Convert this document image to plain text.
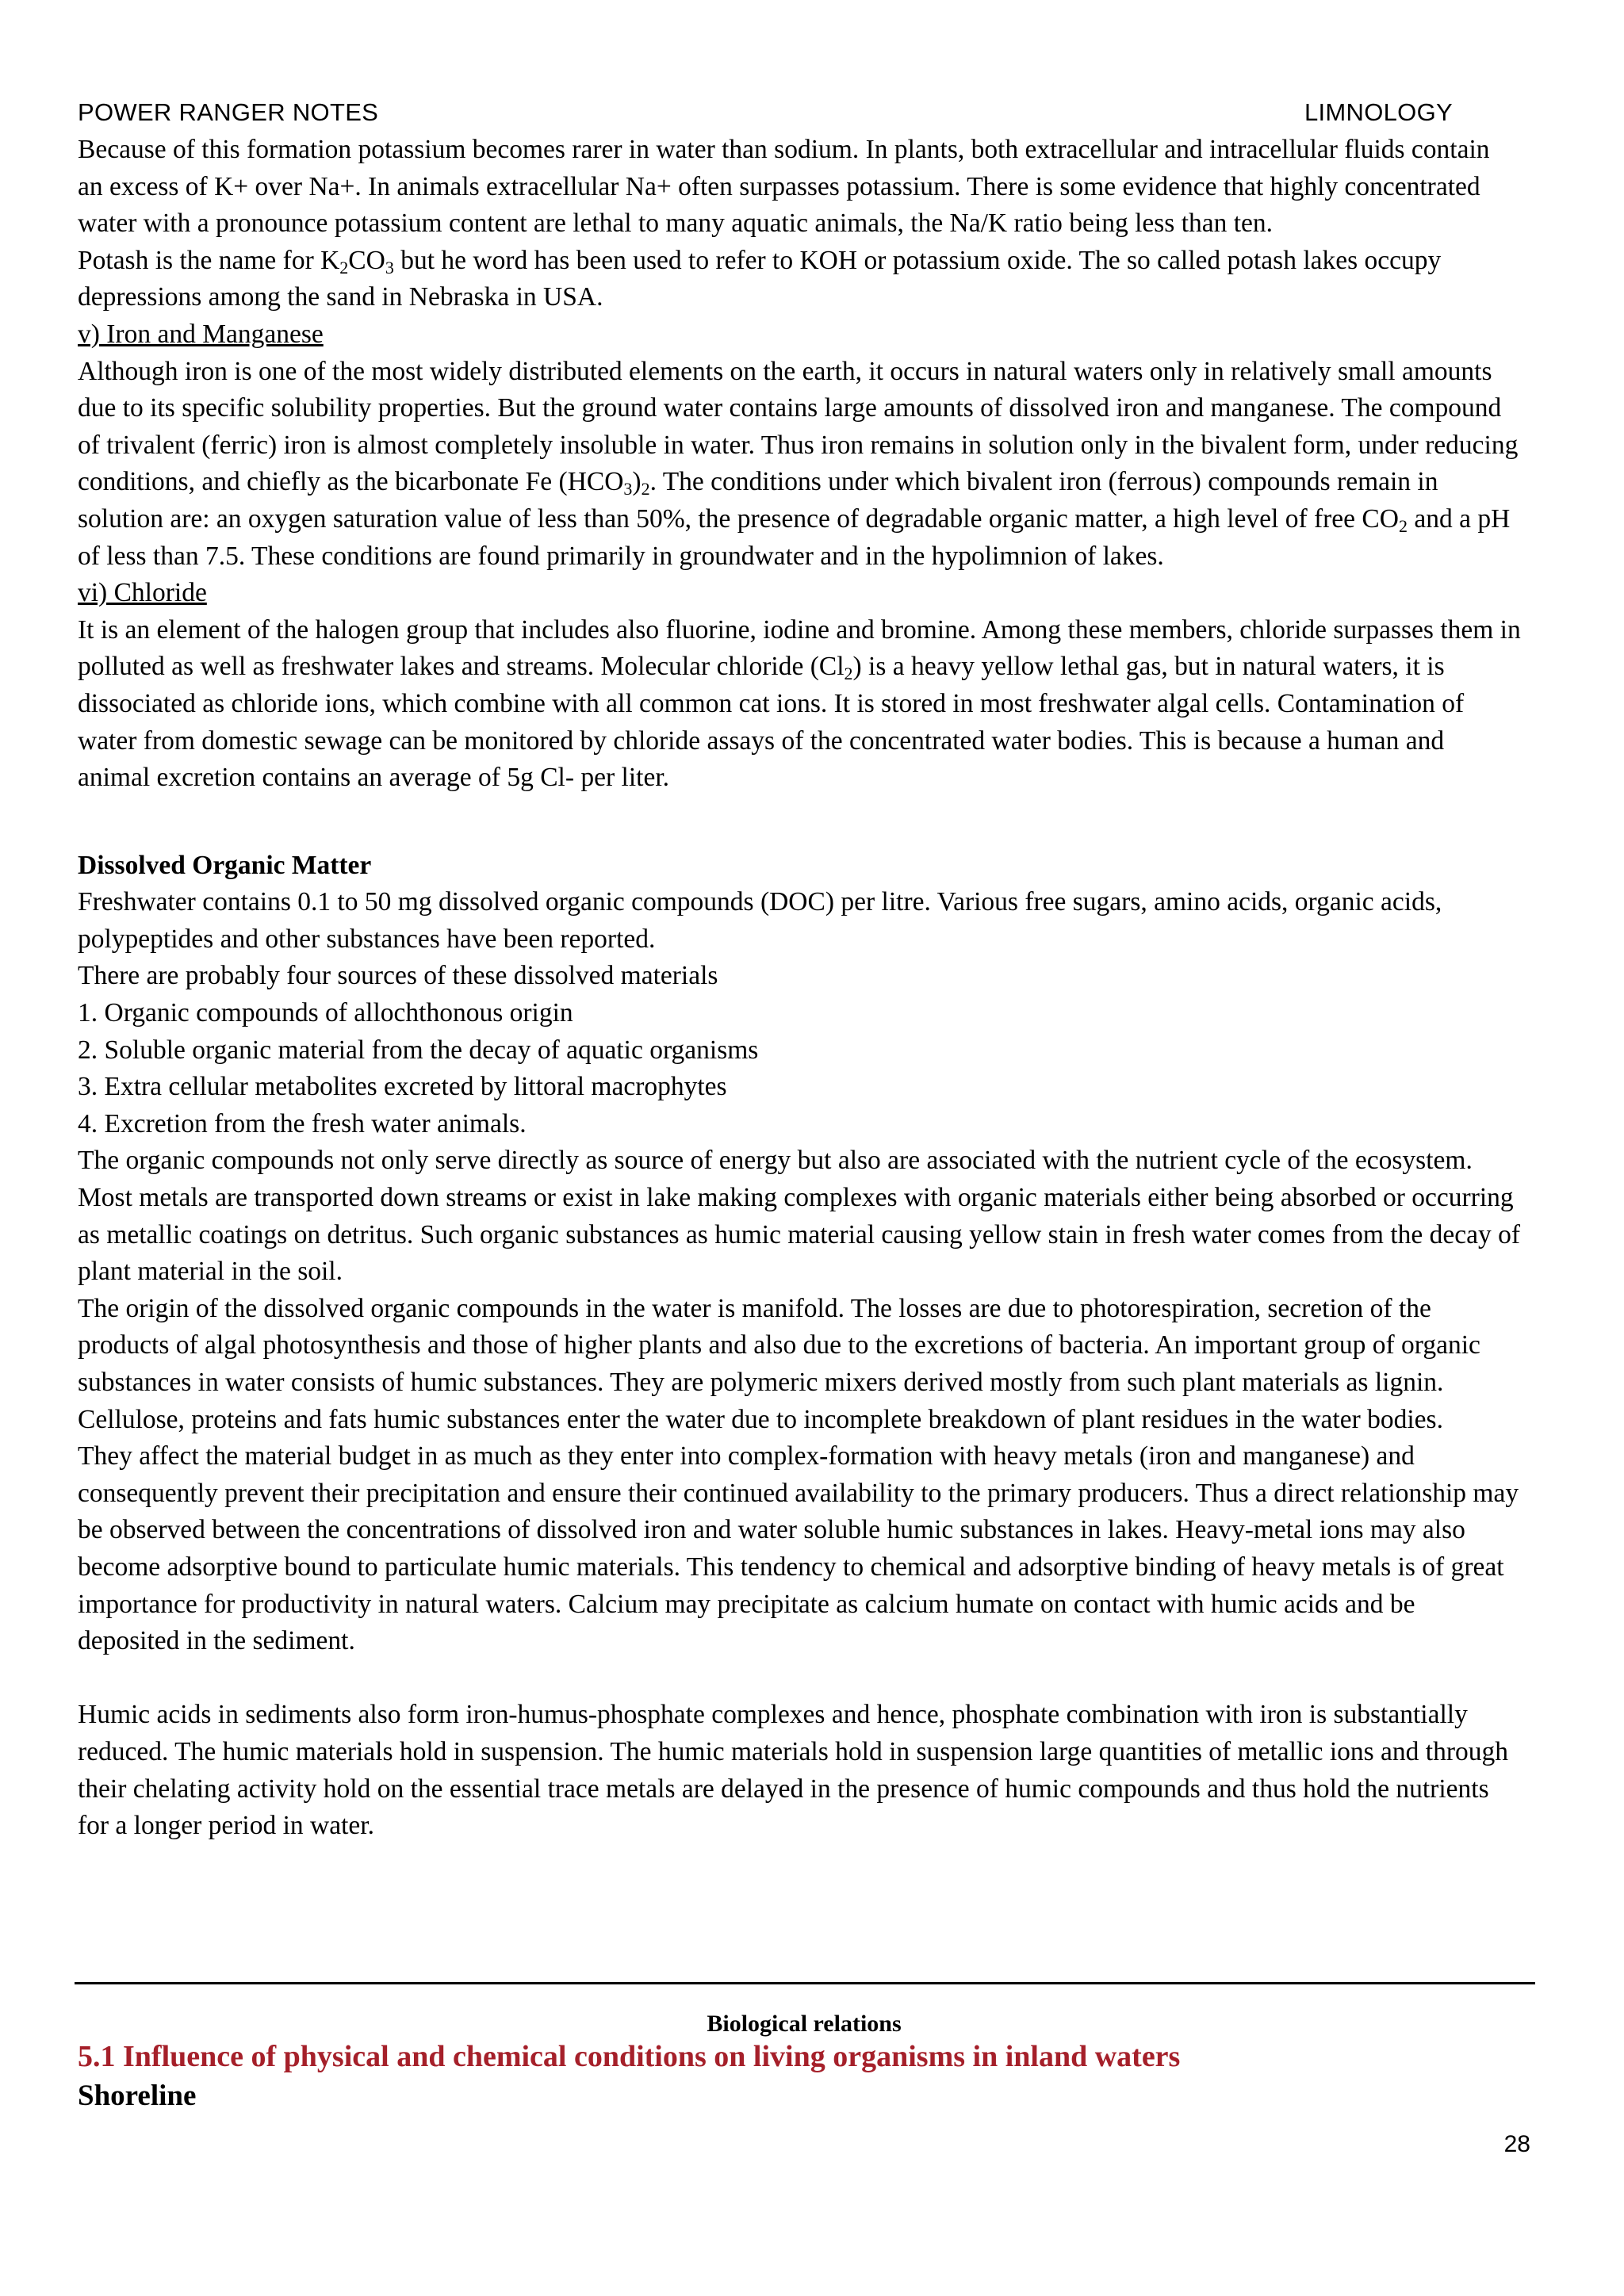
POWER RANGER NOTES	LIMNOLOGY

Because of this formation potassium becomes rarer in water than sodium. In plants, both extracellular and intracellular fluids contain an excess of K+ over Na+. In animals extracellular Na+ often surpasses potassium. There is some evidence that highly concentrated water with a pronounce potassium content are lethal to many aquatic animals, the Na/K ratio being less than ten.

Potash is the name for $K_2CO_3$ but he word has been used to refer to KOH or potassium oxide. The so called potash lakes occupy depressions among the sand in Nebraska in USA.

v) Iron and Manganese

Although iron is one of the most widely distributed elements on the earth, it occurs in natural waters only in relatively small amounts due to its specific solubility properties. But the ground water contains large amounts of dissolved iron and manganese. The compound of trivalent (ferric) iron is almost completely insoluble in water. Thus iron remains in solution only in the bivalent form, under reducing conditions, and chiefly as the bicarbonate Fe $(HCO_3)_2$. The conditions under which bivalent iron (ferrous) compounds remain in solution are: an oxygen saturation value of less than 50%, the presence of degradable organic matter, a high level of free $CO_2$ and a pH of less than 7.5. These conditions are found primarily in groundwater and in the hypolimnion of lakes.

vi) Chloride

It is an element of the halogen group that includes also fluorine, iodine and bromine. Among these members, chloride surpasses them in polluted as well as freshwater lakes and streams. Molecular chloride $(Cl_2)$ is a heavy yellow lethal gas, but in natural waters, it is dissociated as chloride ions, which combine with all common cat ions. It is stored in most freshwater algal cells. Contamination of water from domestic sewage can be monitored by chloride assays of the concentrated water bodies. This is because a human and animal excretion contains an average of 5g Cl- per liter.

Dissolved Organic Matter

Freshwater contains 0.1 to 50 mg dissolved organic compounds (DOC) per litre. Various free sugars, amino acids, organic acids, polypeptides and other substances have been reported.

There are probably four sources of these dissolved materials

1. Organic compounds of allochthonous origin

2. Soluble organic material from the decay of aquatic organisms

3. Extra cellular metabolites excreted by littoral macrophytes

4. Excretion from the fresh water animals.

The organic compounds not only serve directly as source of energy but also are associated with the nutrient cycle of the ecosystem. Most metals are transported down streams or exist in lake making complexes with organic materials either being absorbed or occurring as metallic coatings on detritus. Such organic substances as humic material causing yellow stain in fresh water comes from the decay of plant material in the soil.

The origin of the dissolved organic compounds in the water is manifold. The losses are due to photorespiration, secretion of the products of algal photosynthesis and those of higher plants and also due to the excretions of bacteria. An important group of organic substances in water consists of humic substances. They are polymeric mixers derived mostly from such plant materials as lignin. Cellulose, proteins and fats humic substances enter the water due to incomplete breakdown of plant residues in the water bodies.

They affect the material budget in as much as they enter into complex-formation with heavy metals (iron and manganese) and consequently prevent their precipitation and ensure their continued availability to the primary producers. Thus a direct relationship may be observed between the concentrations of dissolved iron and water soluble humic substances in lakes. Heavy-metal ions may also become adsorptive bound to particulate humic materials. This tendency to chemical and adsorptive binding of heavy metals is of great importance for productivity in natural waters. Calcium may precipitate as calcium humate on contact with humic acids and be deposited in the sediment.

Humic acids in sediments also form iron-humus-phosphate complexes and hence, phosphate combination with iron is substantially reduced. The humic materials hold in suspension. The humic materials hold in suspension large quantities of metallic ions and through their chelating activity hold on the essential trace metals are delayed in the presence of humic compounds and thus hold the nutrients for a longer period in water.

Biological relations
5.1 Influence of physical and chemical conditions on living organisms in inland waters
Shoreline
28
